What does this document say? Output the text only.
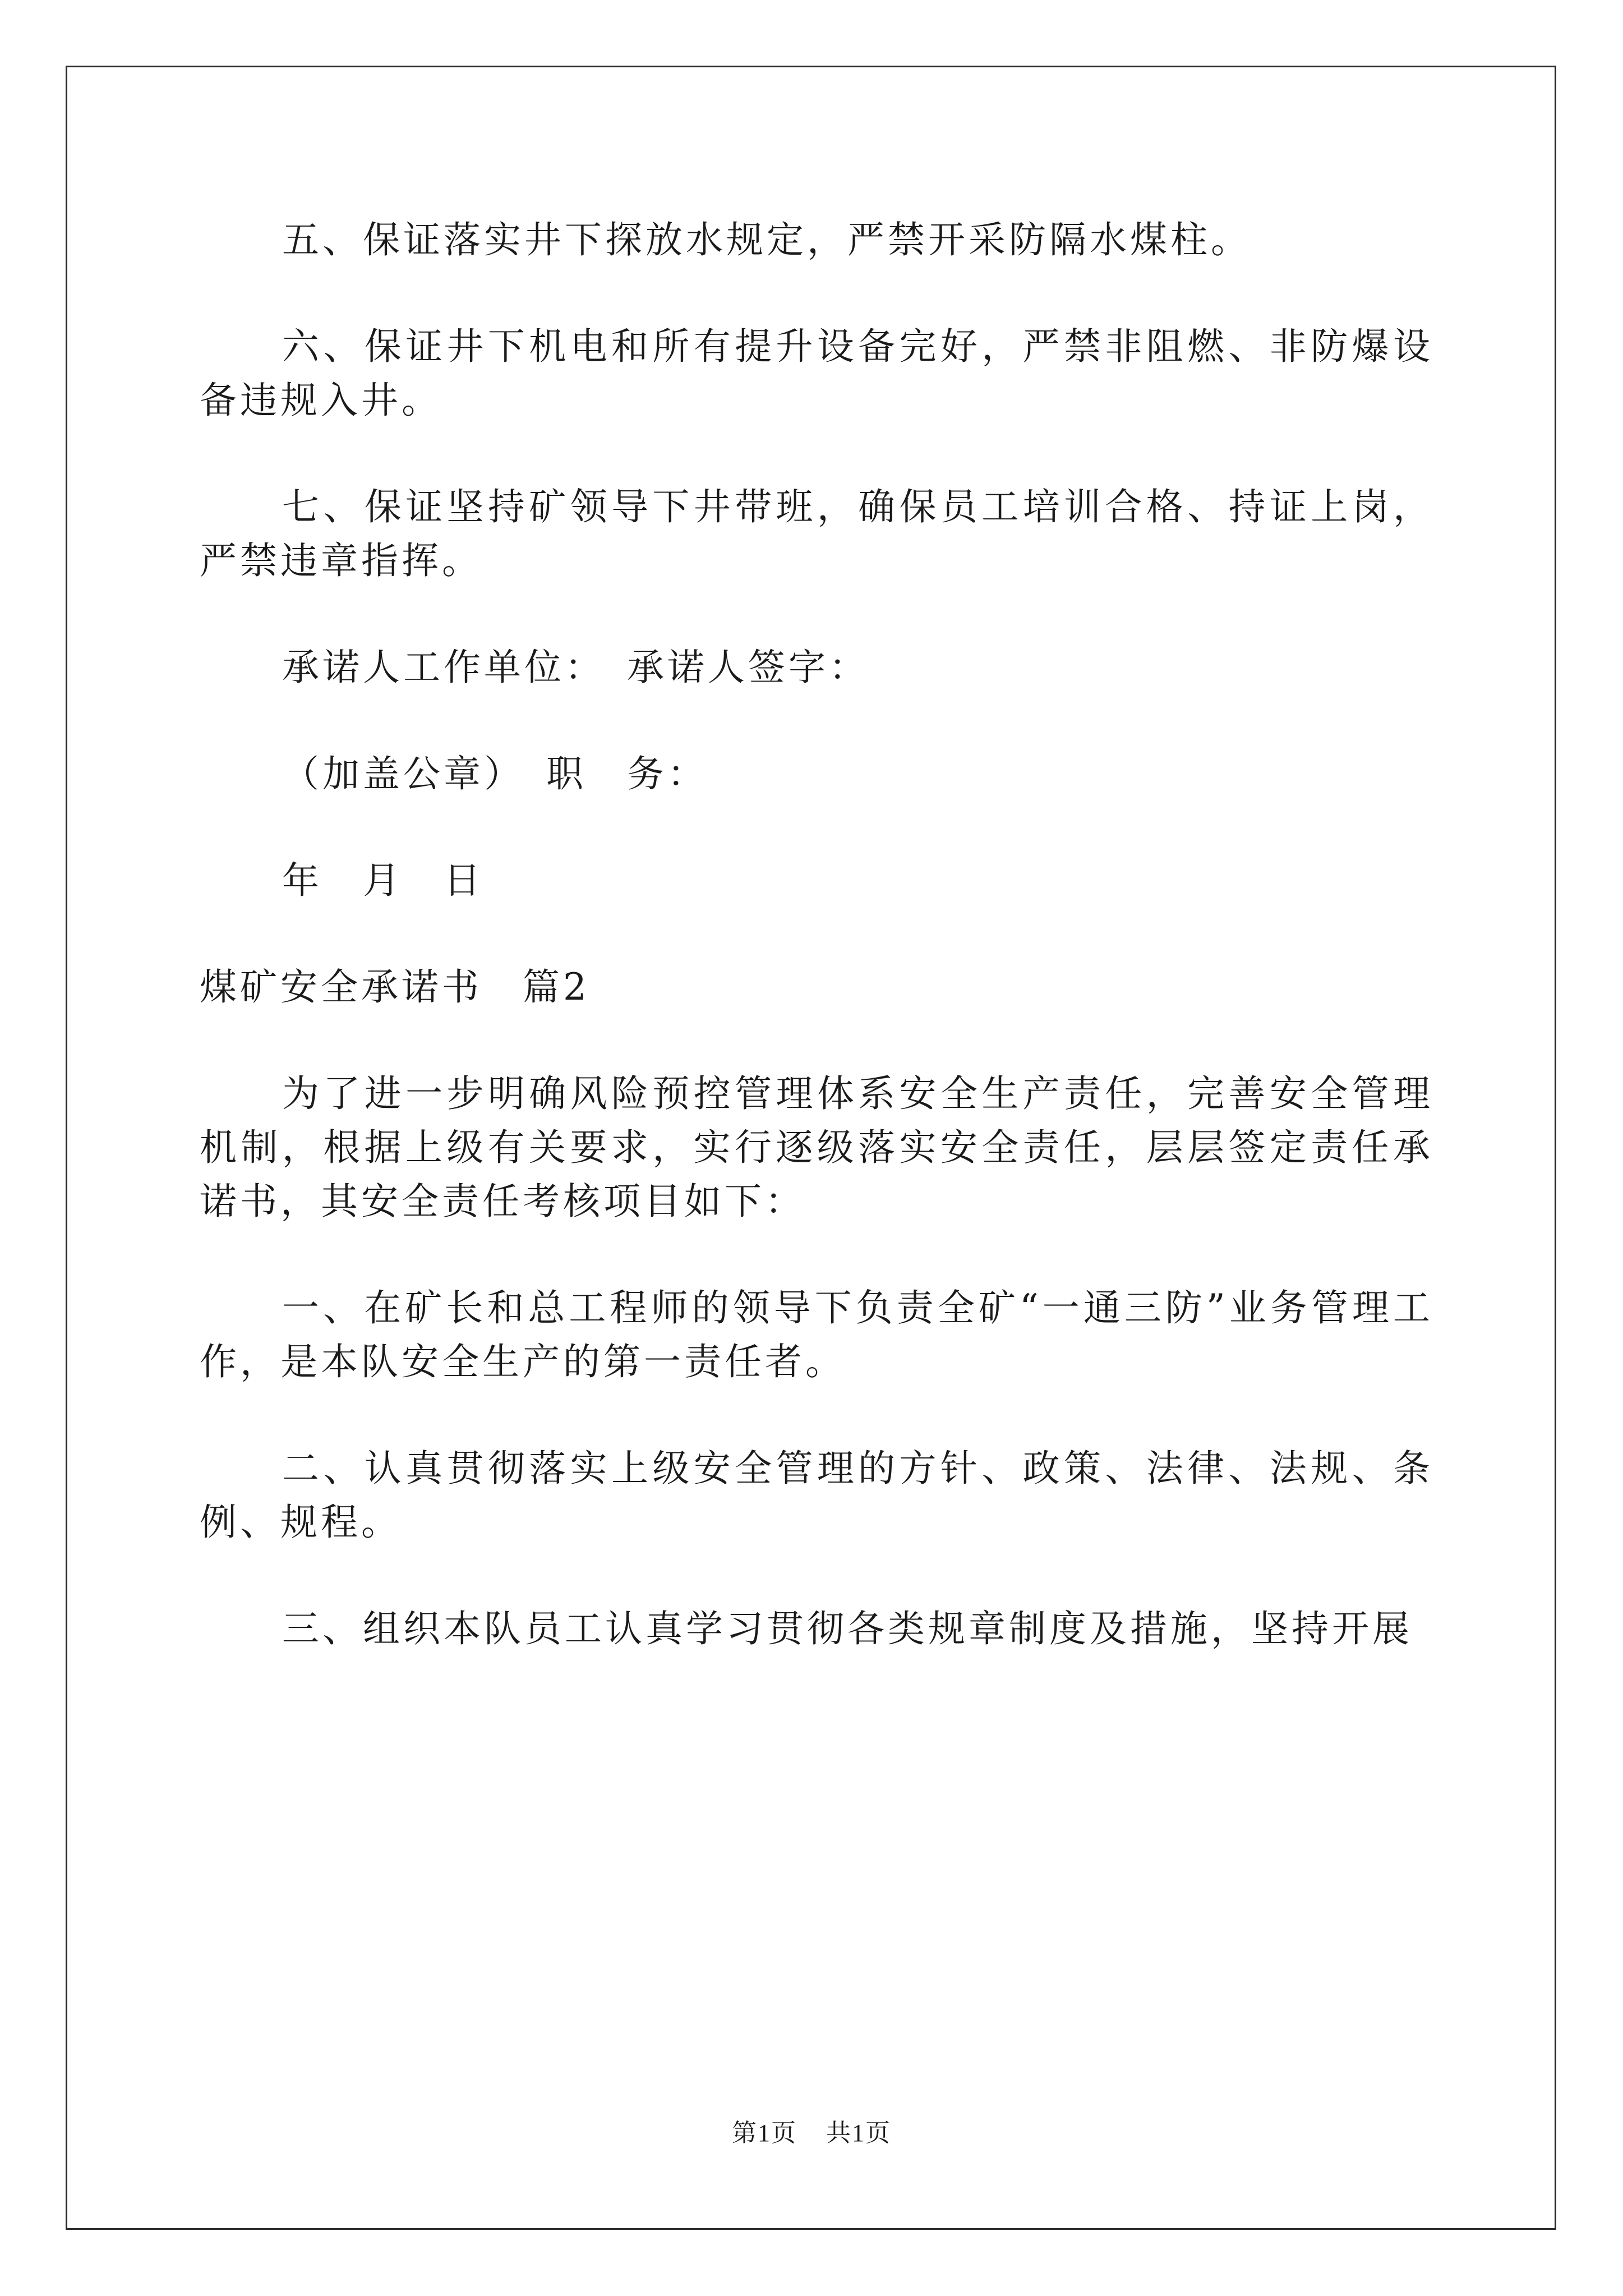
五、保证落实井下探放水规定，严禁开采防隔水煤柱。

六、保证井下机电和所有提升设备完好，严禁非阻燃、非防爆设备违规入井。

七、保证坚持矿领导下井带班，确保员工培训合格、持证上岗，严禁违章指挥。

承诺人工作单位：　承诺人签字：

（加盖公章）　职　务：

年　月　日

煤矿安全承诺书　篇2

为了进一步明确风险预控管理体系安全生产责任，完善安全管理机制，根据上级有关要求，实行逐级落实安全责任，层层签定责任承诺书，其安全责任考核项目如下：

一、在矿长和总工程师的领导下负责全矿“一通三防”业务管理工作，是本队安全生产的第一责任者。

二、认真贯彻落实上级安全管理的方针、政策、法律、法规、条例、规程。

三、组织本队员工认真学习贯彻各类规章制度及措施，坚持开展

第1页 共1页
